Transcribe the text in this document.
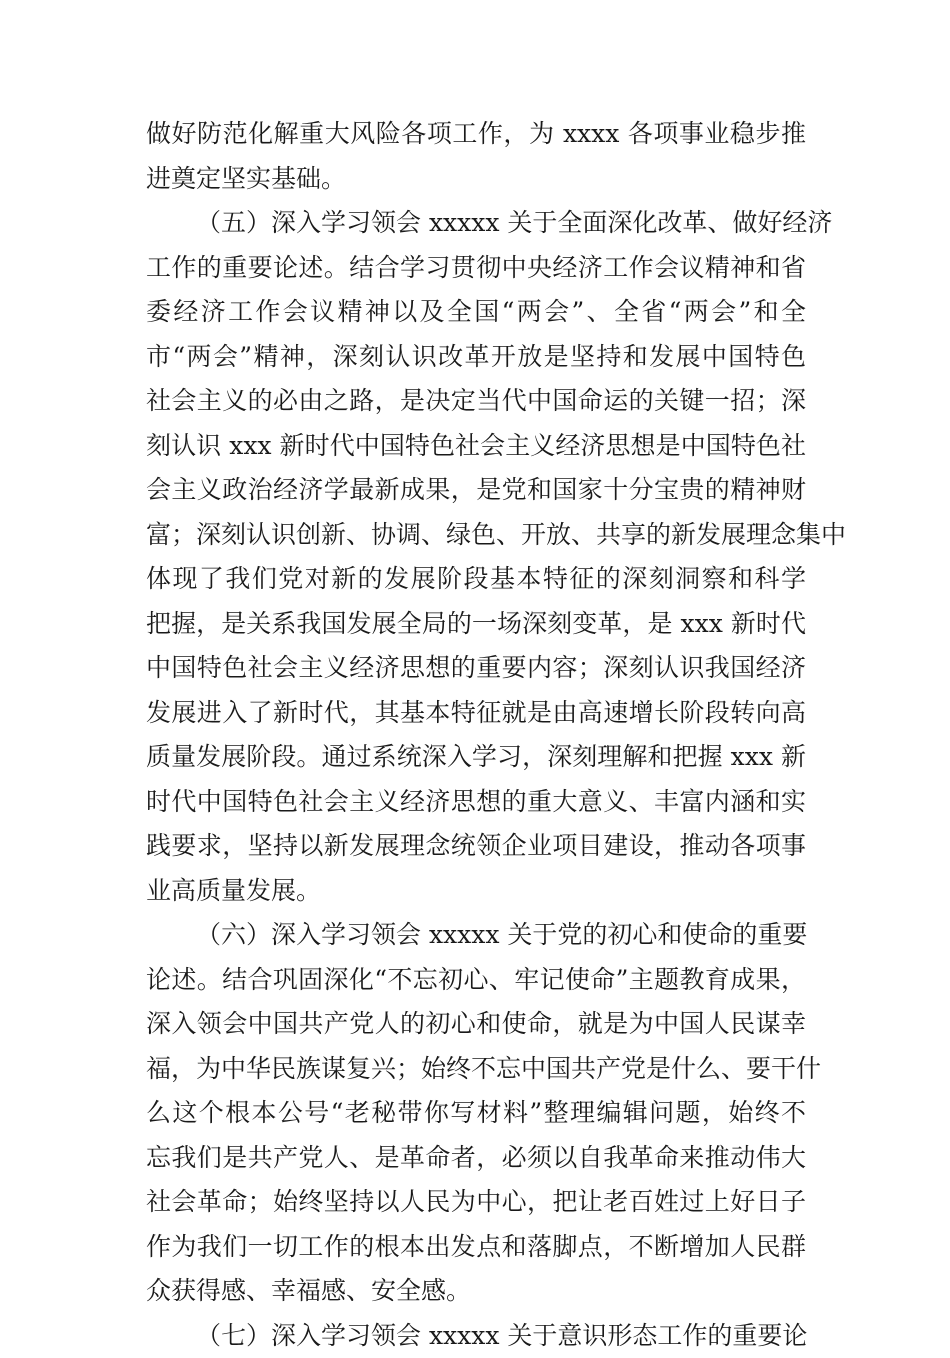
做好防范化解重大风险各项工作，为 xxxx 各项事业稳步推
进奠定坚实基础。
（五）深入学习领会 xxxxx 关于全面深化改革、做好经济
工作的重要论述。结合学习贯彻中央经济工作会议精神和省
委经济工作会议精神以及全国“两会”、全省“两会”和全
市“两会”精神，深刻认识改革开放是坚持和发展中国特色
社会主义的必由之路，是决定当代中国命运的关键一招；深
刻认识 xxx 新时代中国特色社会主义经济思想是中国特色社
会主义政治经济学最新成果，是党和国家十分宝贵的精神财
富；深刻认识创新、协调、绿色、开放、共享的新发展理念集中
体现了我们党对新的发展阶段基本特征的深刻洞察和科学
把握，是关系我国发展全局的一场深刻变革，是 xxx 新时代
中国特色社会主义经济思想的重要内容；深刻认识我国经济
发展进入了新时代，其基本特征就是由高速增长阶段转向高
质量发展阶段。通过系统深入学习，深刻理解和把握 xxx 新
时代中国特色社会主义经济思想的重大意义、丰富内涵和实
践要求，坚持以新发展理念统领企业项目建设，推动各项事
业高质量发展。
（六）深入学习领会 xxxxx 关于党的初心和使命的重要
论述。结合巩固深化“不忘初心、牢记使命”主题教育成果，
深入领会中国共产党人的初心和使命，就是为中国人民谋幸
福，为中华民族谋复兴；始终不忘中国共产党是什么、要干什
么这个根本公号“老秘带你写材料”整理编辑问题，始终不
忘我们是共产党人、是革命者，必须以自我革命来推动伟大
社会革命；始终坚持以人民为中心，把让老百姓过上好日子
作为我们一切工作的根本出发点和落脚点，不断增加人民群
众获得感、幸福感、安全感。
（七）深入学习领会 xxxxx 关于意识形态工作的重要论
